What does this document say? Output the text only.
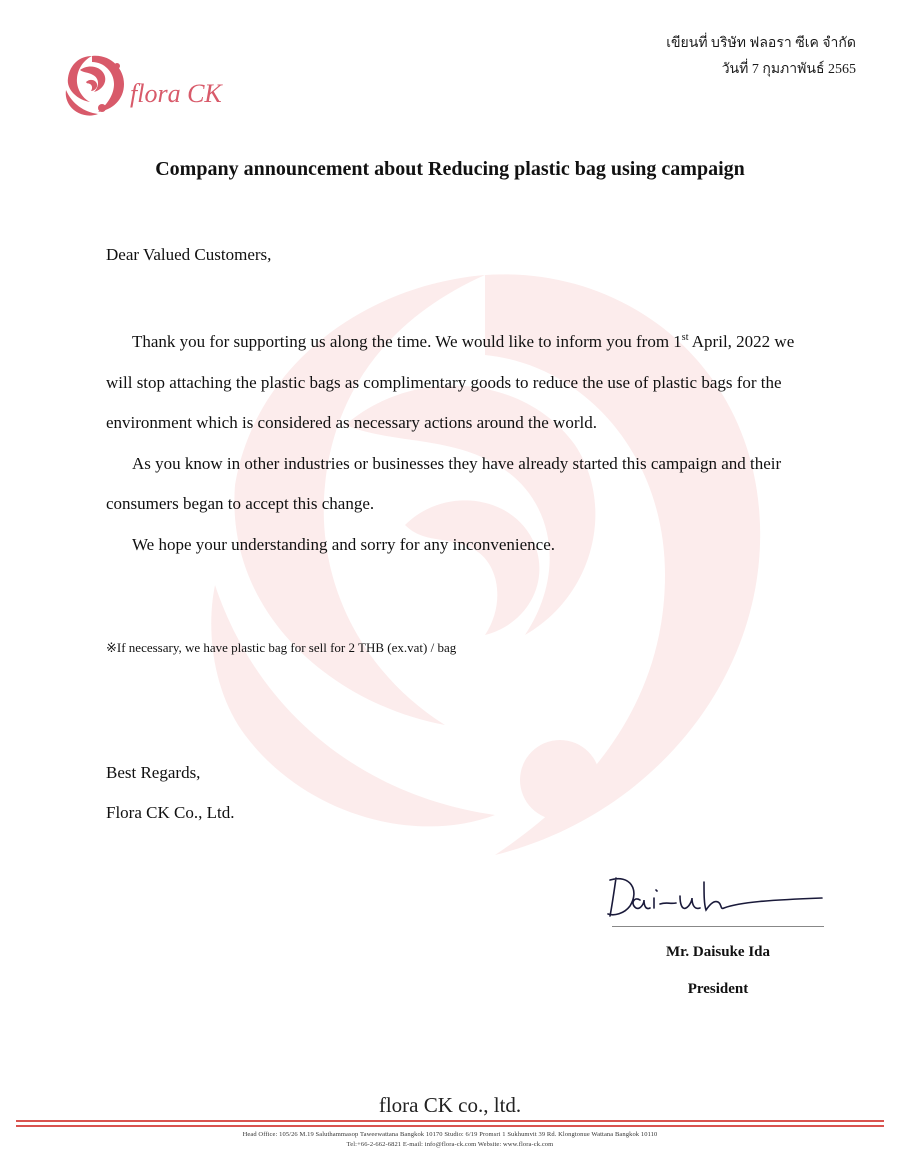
flora CK
เขียนที่ บริษัท ฟลอรา ซีเค จำกัด
วันที่ 7 กุมภาพันธ์ 2565
Company announcement about Reducing plastic bag using campaign
Dear Valued Customers,

Thank you for supporting us along the time. We would like to inform you from 1st April, 2022 we will stop attaching the plastic bags as complimentary goods to reduce the use of plastic bags for the environment which is considered as necessary actions around the world.

As you know in other industries or businesses they have already started this campaign and their consumers began to accept this change.

We hope your understanding and sorry for any inconvenience.

※If necessary, we have plastic bag for sell for 2 THB (ex.vat) / bag
Best Regards,
Flora CK Co., Ltd.
Mr. Daisuke Ida
President
flora CK co., ltd.
Head Office: 105/26 M.19 Saluthammasop Taweewattana Bangkok 10170 Studio: 6/19 Promsri 1 Sukhumvit 39 Rd. Klongtonue Wattana Bangkok 10110
Tel:+66-2-662-6821 E-mail: info@flora-ck.com Website: www.flora-ck.com
